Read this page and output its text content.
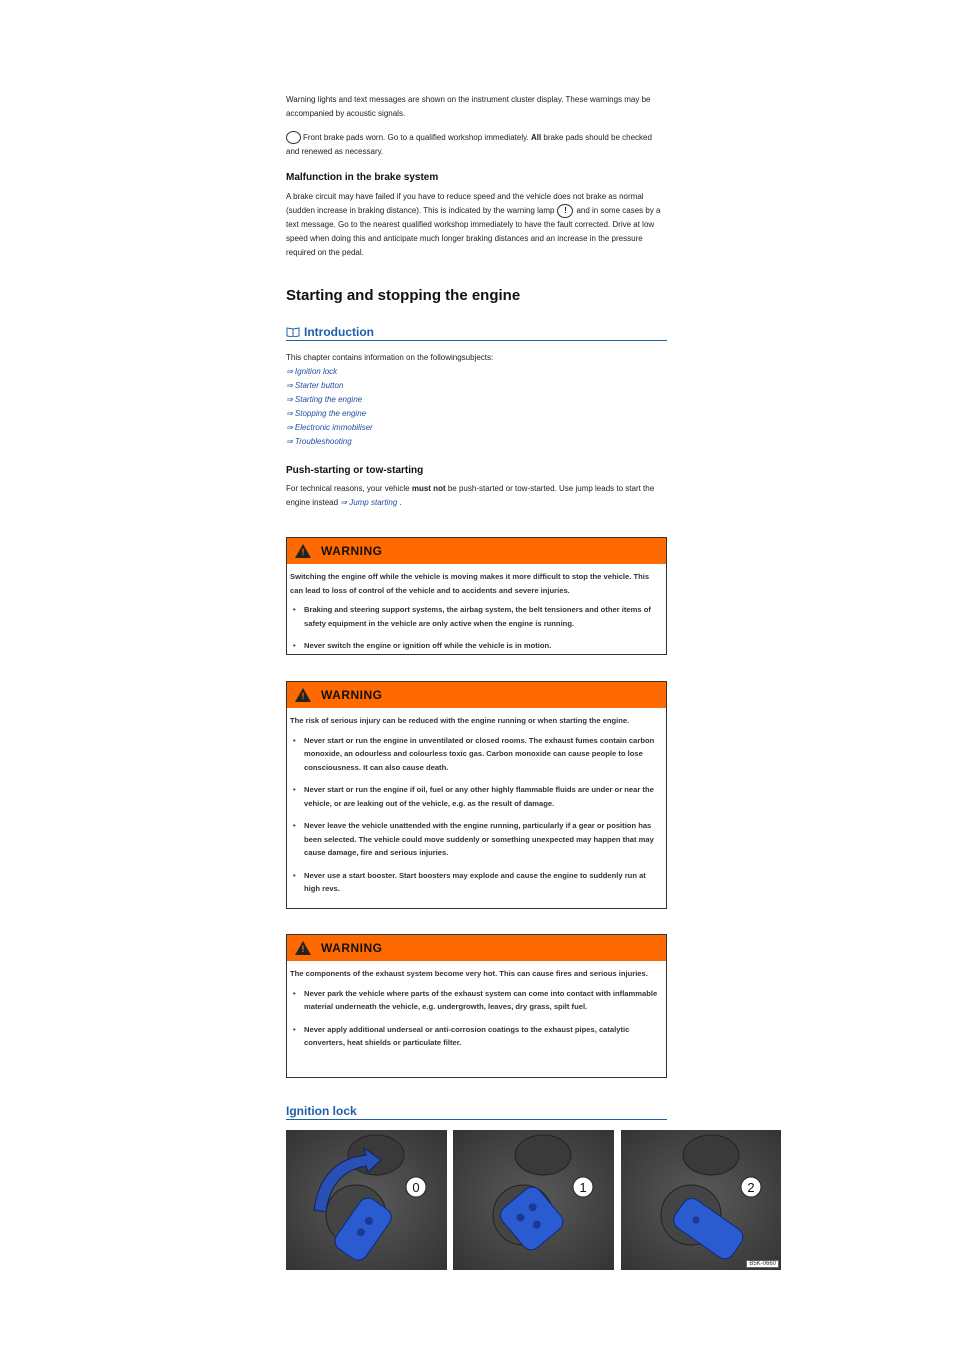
Warning lights and text messages are shown on the instrument cluster display. These warnings may be accompanied by acoustic signals.

Front brake pads worn. Go to a qualified workshop immediately. All brake pads should be checked and renewed as necessary.

Malfunction in the brake system

A brake circuit may have failed if you have to reduce speed and the vehicle does not brake as normal (sudden increase in braking distance). This is indicated by the warning lamp ! and in some cases by a text message. Go to the nearest qualified workshop immediately to have the fault corrected. Drive at low speed when doing this and anticipate much longer braking distances and an increase in the pressure required on the pedal.

Starting and stopping the engine
Introduction

This chapter contains information on the followingsubjects:

⇒ Ignition lock
⇒ Starter button
⇒ Starting the engine
⇒ Stopping the engine
⇒ Electronic immobiliser
⇒ Troubleshooting
Push-starting or tow-starting

For technical reasons, your vehicle must not be push-started or tow-started. Use jump leads to start the engine instead ⇒ Jump starting .

! WARNING

Switching the engine off while the vehicle is moving makes it more difficult to stop the vehicle. This can lead to loss of control of the vehicle and to accidents and severe injuries.

• Braking and steering support systems, the airbag system, the belt tensioners and other items of safety equipment in the vehicle are only active when the engine is running.
• Never switch the engine or ignition off while the vehicle is in motion.
! WARNING

The risk of serious injury can be reduced with the engine running or when starting the engine.

• Never start or run the engine in unventilated or closed rooms. The exhaust fumes contain carbon monoxide, an odourless and colourless toxic gas. Carbon monoxide can cause people to lose consciousness. It can also cause death.
• Never start or run the engine if oil, fuel or any other highly flammable fluids are under or near the vehicle, or are leaking out of the vehicle, e.g. as the result of damage.
• Never leave the vehicle unattended with the engine running, particularly if a gear or position has been selected. The vehicle could move suddenly or something unexpected may happen that may cause damage, fire and serious injuries.
• Never use a start booster. Start boosters may explode and cause the engine to suddenly run at high revs.
! WARNING

The components of the exhaust system become very hot. This can cause fires and serious injuries.

• Never park the vehicle where parts of the exhaust system can come into contact with inflammable material underneath the vehicle, e.g. undergrowth, leaves, dry grass, spilt fuel.
• Never apply additional underseal or anti-corrosion coatings to the exhaust pipes, catalytic converters, heat shields or particulate filter.
Ignition lock
0	1	2
B5K-0660
